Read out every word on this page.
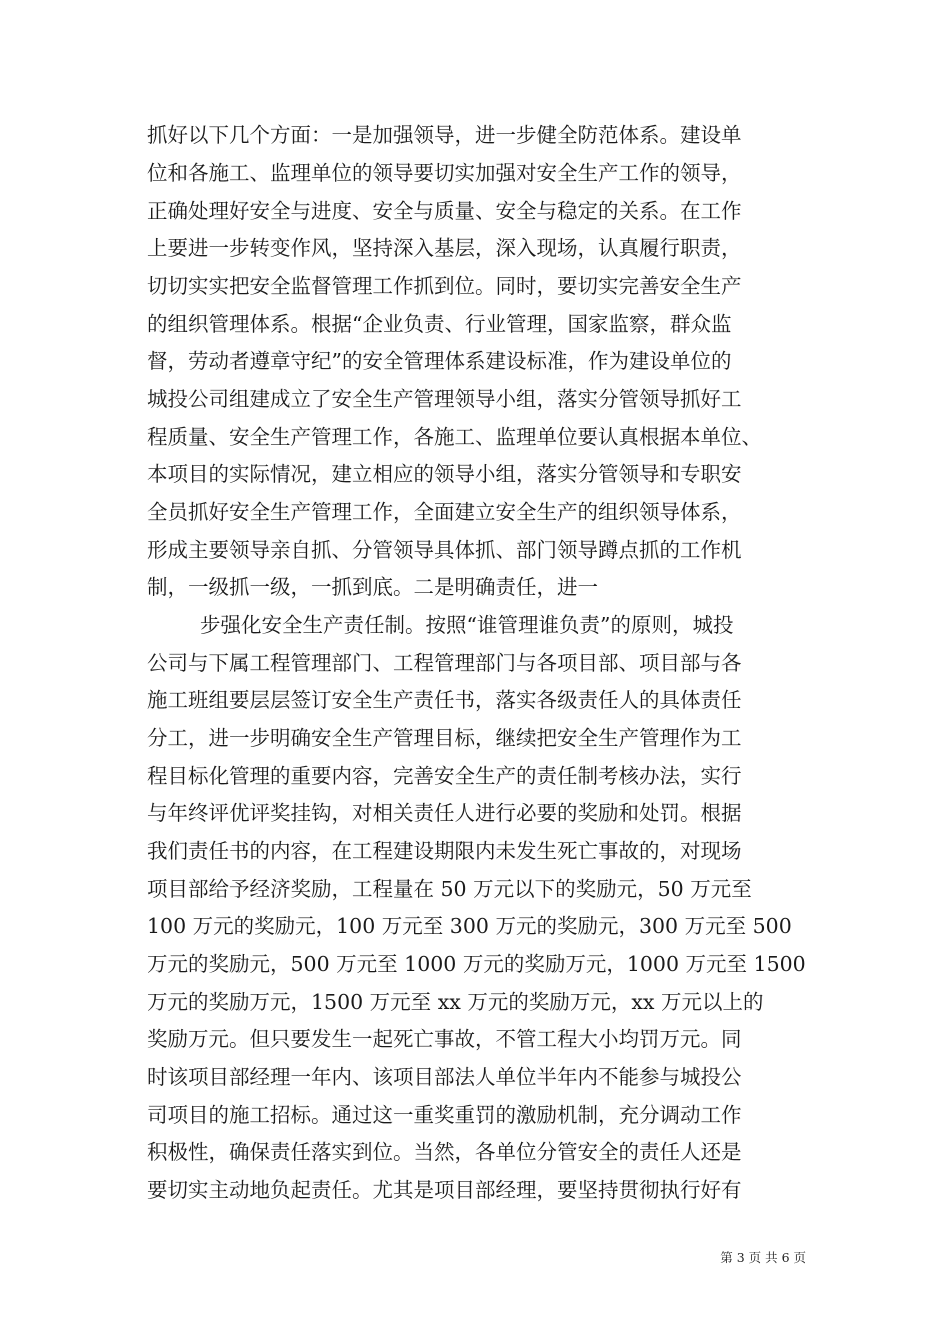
抓好以下几个方面：一是加强领导，进一步健全防范体系。建设单

位和各施工、监理单位的领导要切实加强对安全生产工作的领导，

正确处理好安全与进度、安全与质量、安全与稳定的关系。在工作

上要进一步转变作风，坚持深入基层，深入现场，认真履行职责，

切切实实把安全监督管理工作抓到位。同时，要切实完善安全生产

的组织管理体系。根据“企业负责、行业管理，国家监察，群众监

督，劳动者遵章守纪”的安全管理体系建设标准，作为建设单位的

城投公司组建成立了安全生产管理领导小组，落实分管领导抓好工

程质量、安全生产管理工作，各施工、监理单位要认真根据本单位、

本项目的实际情况，建立相应的领导小组，落实分管领导和专职安

全员抓好安全生产管理工作，全面建立安全生产的组织领导体系，

形成主要领导亲自抓、分管领导具体抓、部门领导蹲点抓的工作机

制，一级抓一级，一抓到底。二是明确责任，进一

步强化安全生产责任制。按照“谁管理谁负责”的原则，城投

公司与下属工程管理部门、工程管理部门与各项目部、项目部与各

施工班组要层层签订安全生产责任书，落实各级责任人的具体责任

分工，进一步明确安全生产管理目标，继续把安全生产管理作为工

程目标化管理的重要内容，完善安全生产的责任制考核办法，实行

与年终评优评奖挂钩，对相关责任人进行必要的奖励和处罚。根据

我们责任书的内容，在工程建设期限内未发生死亡事故的，对现场

项目部给予经济奖励，工程量在 50 万元以下的奖励元，50 万元至

100 万元的奖励元，100 万元至 300 万元的奖励元，300 万元至 500

万元的奖励元，500 万元至 1000 万元的奖励万元，1000 万元至 1500

万元的奖励万元，1500 万元至 xx 万元的奖励万元，xx 万元以上的

奖励万元。但只要发生一起死亡事故，不管工程大小均罚万元。同

时该项目部经理一年内、该项目部法人单位半年内不能参与城投公

司项目的施工招标。通过这一重奖重罚的激励机制，充分调动工作

积极性，确保责任落实到位。当然，各单位分管安全的责任人还是

要切实主动地负起责任。尤其是项目部经理，要坚持贯彻执行好有

第 3 页 共 6 页
